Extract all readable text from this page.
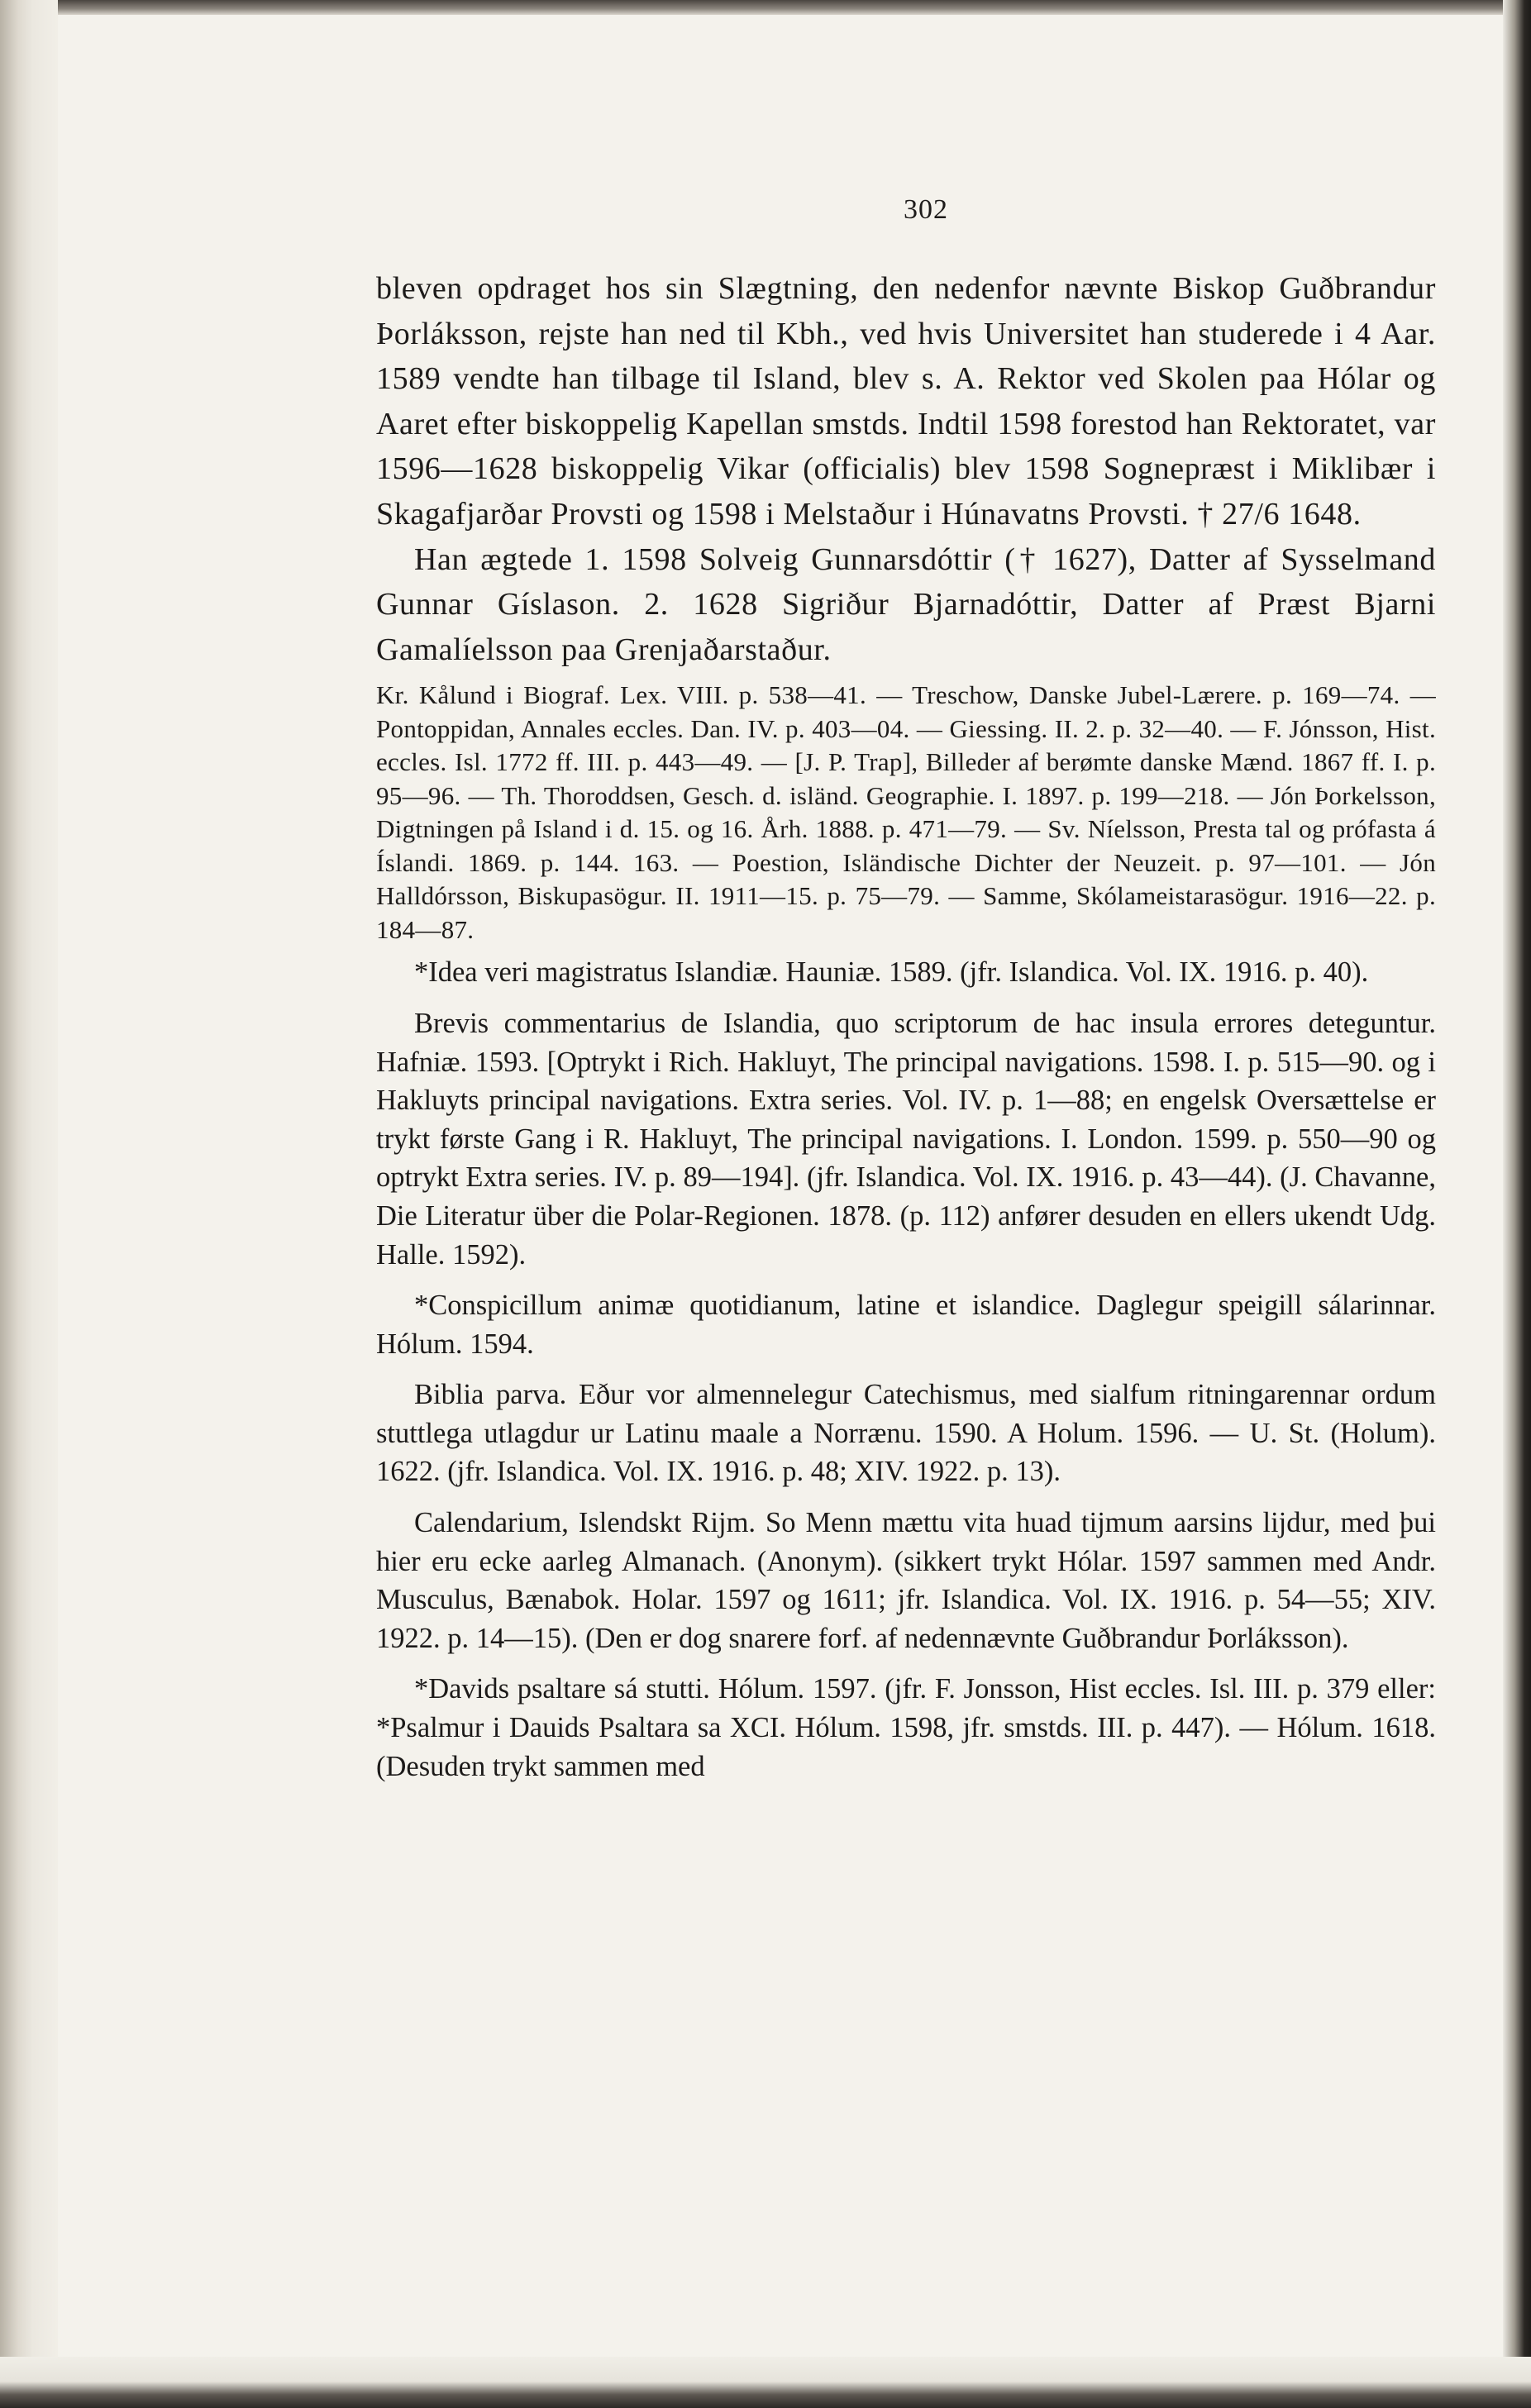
302

bleven opdraget hos sin Slægtning, den nedenfor nævnte Biskop Guðbrandur Þorláksson, rejste han ned til Kbh., ved hvis Universitet han studerede i 4 Aar. 1589 vendte han tilbage til Island, blev s. A. Rektor ved Skolen paa Hólar og Aaret efter biskoppelig Kapellan smstds. Indtil 1598 forestod han Rektoratet, var 1596—1628 biskoppelig Vikar (officialis) blev 1598 Sognepræst i Miklibær i Skagafjarðar Provsti og 1598 i Melstaður i Húnavatns Provsti. † 27/6 1648.

Han ægtede 1. 1598 Solveig Gunnarsdóttir († 1627), Datter af Sysselmand Gunnar Gíslason. 2. 1628 Sigriður Bjarnadóttir, Datter af Præst Bjarni Gamalíelsson paa Grenjaðarstaður.

Kr. Kålund i Biograf. Lex. VIII. p. 538—41. — Treschow, Danske Jubel-Lærere. p. 169—74. — Pontoppidan, Annales eccles. Dan. IV. p. 403—04. — Giessing. II. 2. p. 32—40. — F. Jónsson, Hist. eccles. Isl. 1772 ff. III. p. 443—49. — [J. P. Trap], Billeder af berømte danske Mænd. 1867 ff. I. p. 95—96. — Th. Thoroddsen, Gesch. d. isländ. Geographie. I. 1897. p. 199—218. — Jón Þorkelsson, Digtningen på Island i d. 15. og 16. Årh. 1888. p. 471—79. — Sv. Níelsson, Presta tal og prófasta á Íslandi. 1869. p. 144. 163. — Poestion, Isländische Dichter der Neuzeit. p. 97—101. — Jón Halldórsson, Biskupasögur. II. 1911—15. p. 75—79. — Samme, Skólameistarasögur. 1916—22. p. 184—87.

*Idea veri magistratus Islandiæ. Hauniæ. 1589. (jfr. Islandica. Vol. IX. 1916. p. 40).

Brevis commentarius de Islandia, quo scriptorum de hac insula errores deteguntur. Hafniæ. 1593. [Optrykt i Rich. Hakluyt, The principal navigations. 1598. I. p. 515—90. og i Hakluyts principal navigations. Extra series. Vol. IV. p. 1—88; en engelsk Oversættelse er trykt første Gang i R. Hakluyt, The principal navigations. I. London. 1599. p. 550—90 og optrykt Extra series. IV. p. 89—194]. (jfr. Islandica. Vol. IX. 1916. p. 43—44). (J. Chavanne, Die Literatur über die Polar-Regionen. 1878. (p. 112) anfører desuden en ellers ukendt Udg. Halle. 1592).

*Conspicillum animæ quotidianum, latine et islandice. Daglegur speigill sálarinnar. Hólum. 1594.

Biblia parva. Eður vor almennelegur Catechismus, med sialfum ritningarennar ordum stuttlega utlagdur ur Latinu maale a Norrænu. 1590. A Holum. 1596. — U. St. (Holum). 1622. (jfr. Islandica. Vol. IX. 1916. p. 48; XIV. 1922. p. 13).

Calendarium, Islendskt Rijm. So Menn mættu vita huad tijmum aarsins lijdur, med þui hier eru ecke aarleg Almanach. (Anonym). (sikkert trykt Hólar. 1597 sammen med Andr. Musculus, Bænabok. Holar. 1597 og 1611; jfr. Islandica. Vol. IX. 1916. p. 54—55; XIV. 1922. p. 14—15). (Den er dog snarere forf. af nedennævnte Guðbrandur Þorláksson).

*Davids psaltare sá stutti. Hólum. 1597. (jfr. F. Jonsson, Hist eccles. Isl. III. p. 379 eller: *Psalmur i Dauids Psaltara sa XCI. Hólum. 1598, jfr. smstds. III. p. 447). — Hólum. 1618. (Desuden trykt sammen med
